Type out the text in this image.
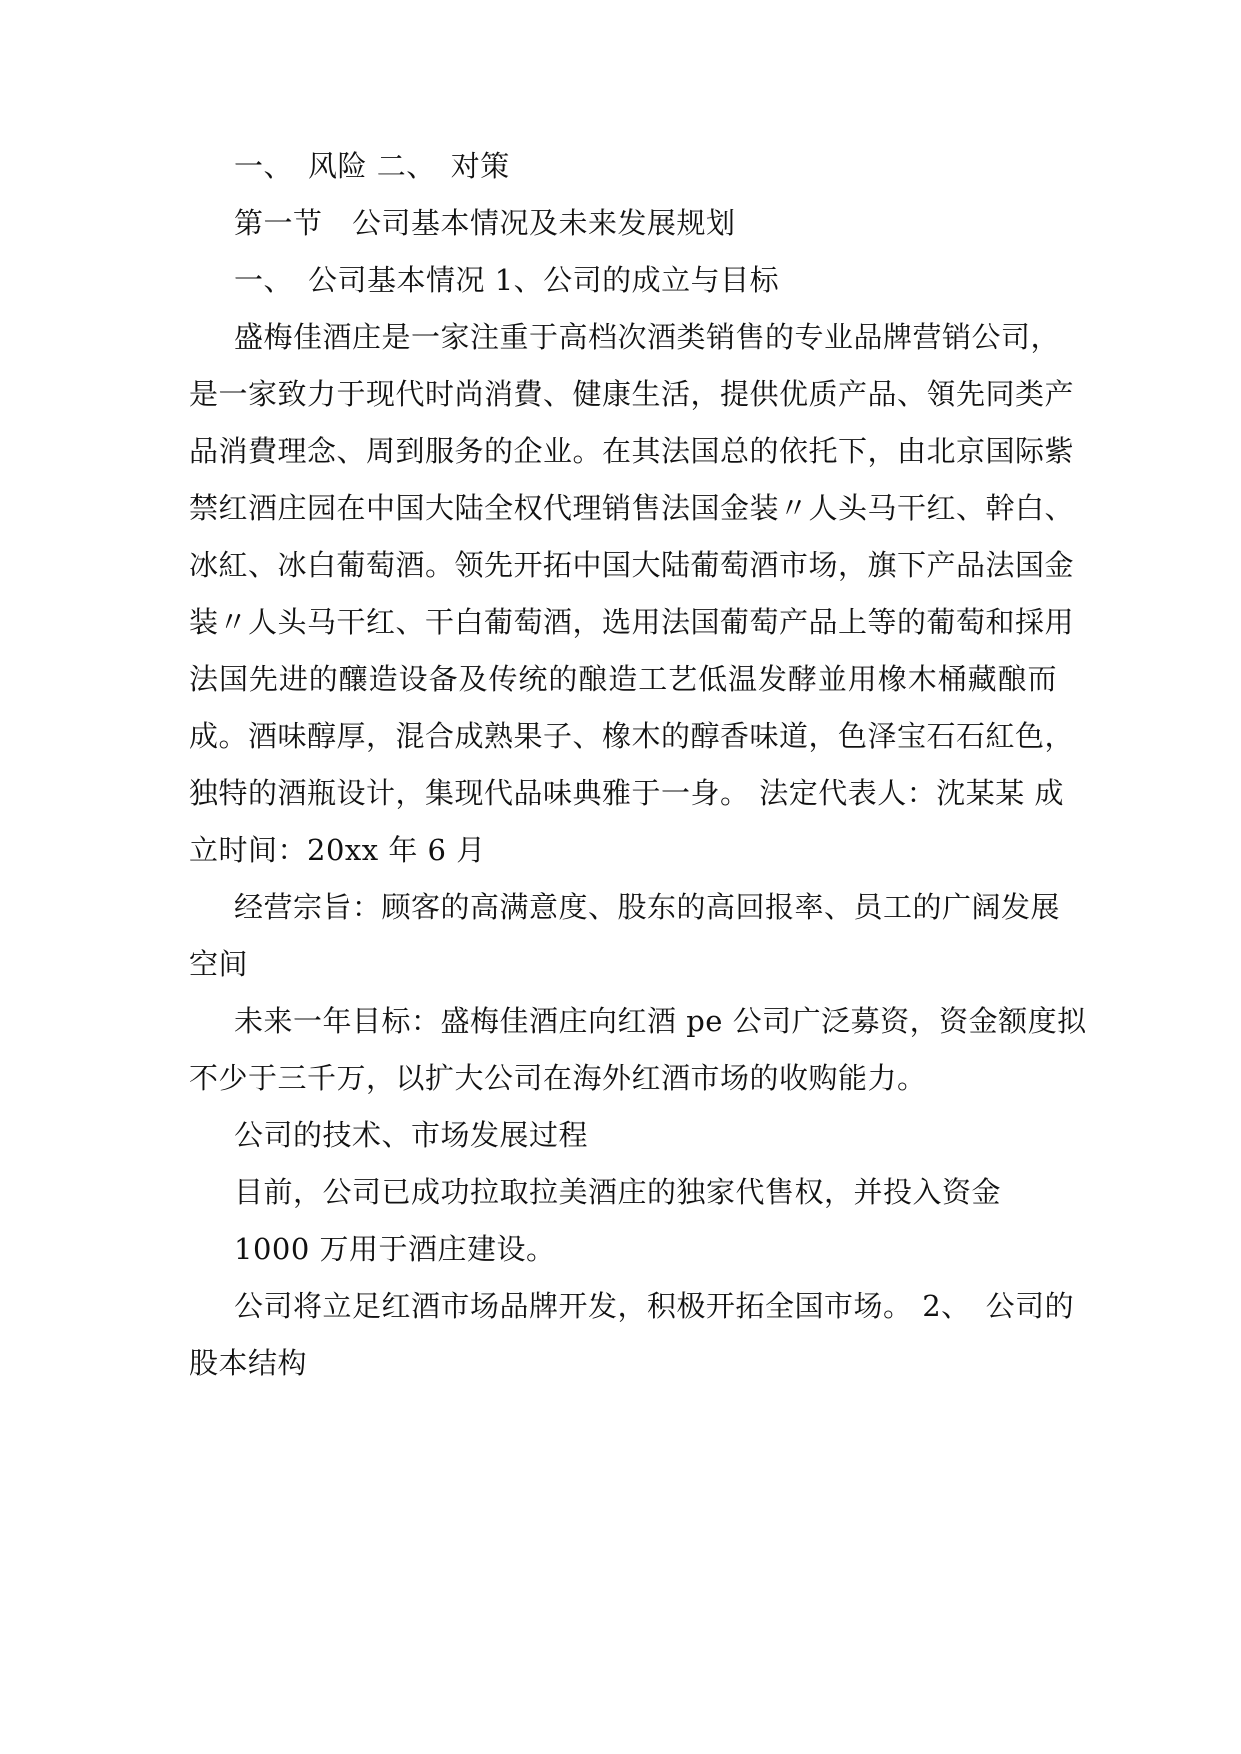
一、　风险 二、　对策
第一节　公司基本情况及未来发展规划
一、　公司基本情况 1、公司的成立与目标
盛梅佳酒庄是一家注重于高档次酒类销售的专业品牌营销公司，
是一家致力于现代时尚消費、健康生活，提供优质产品、領先同类产
品消費理念、周到服务的企业。在其法国总的依托下，由北京国际紫
禁红酒庄园在中国大陆全权代理销售法国金装〃人头马干红、幹白、
冰紅、冰白葡萄酒。领先开拓中国大陆葡萄酒市场，旗下产品法国金
装〃人头马干红、干白葡萄酒，选用法国葡萄产品上等的葡萄和採用
法国先进的釀造设备及传统的酿造工艺低温发酵並用橡木桶藏酿而
成。酒味醇厚，混合成熟果子、橡木的醇香味道，色泽宝石石紅色，
独特的酒瓶设计，集现代品味典雅于一身。 法定代表人：沈某某 成
立时间：20xx 年 6 月
经营宗旨：顾客的高满意度、股东的高回报率、员工的广阔发展
空间
未来一年目标：盛梅佳酒庄向红酒 pe 公司广泛募资，资金额度拟
不少于三千万，以扩大公司在海外红酒市场的收购能力。
公司的技术、市场发展过程
目前，公司已成功拉取拉美酒庄的独家代售权，并投入资金
1000 万用于酒庄建设。
公司将立足红酒市场品牌开发，积极开拓全国市场。 2、　公司的
股本结构
